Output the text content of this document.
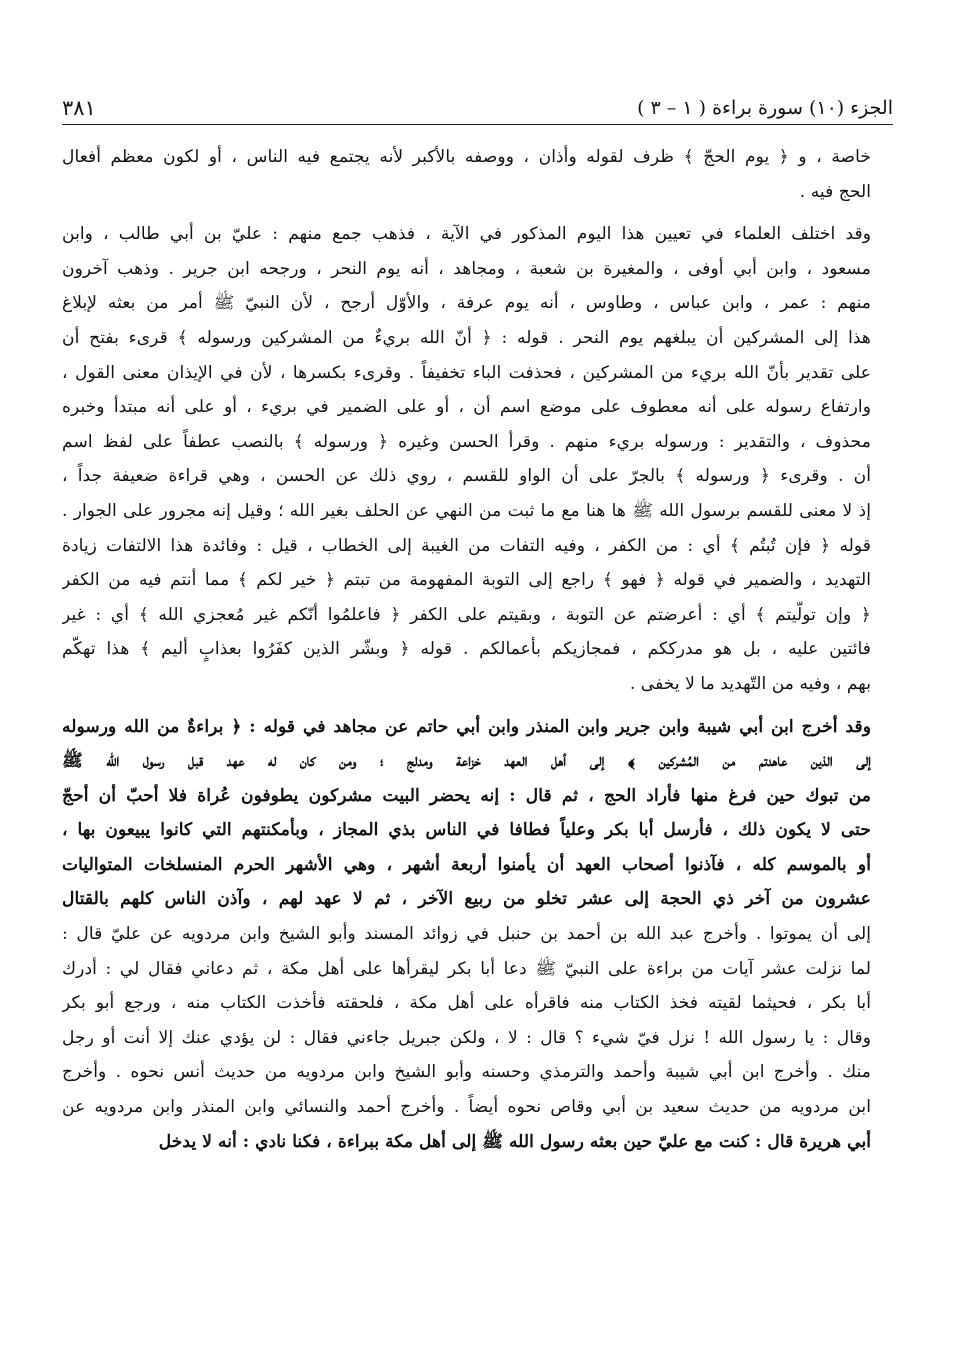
الجزء (١٠) سورة براءة ( ١ – ٣ )
٣٨١
خاصة ، و ﴿ يوم الحجّ ﴾ ظرف لقوله وأذان ، ووصفه بالأكبر لأنه يجتمع فيه الناس ، أو لكون معظم أفعال
الحج فيه .
وقد اختلف العلماء في تعيين هذا اليوم المذكور في الآية ، فذهب جمع منهم : عليّ بن أبي طالب ، وابن
مسعود ، وابن أبي أوفى ، والمغيرة بن شعبة ، ومجاهد ، أنه يوم النحر ، ورجحه ابن جرير . وذهب آخرون
منهم : عمر ، وابن عباس ، وطاوس ، أنه يوم عرفة ، والأوّل أرجح ، لأن النبيّ ﷺ أمر من بعثه لإبلاغ
هذا إلى المشركين أن يبلغهم يوم النحر . قوله : ﴿ أنّ الله بريءٌ من المشركين ورسوله ﴾ قرىء بفتح أن
على تقدير بأنّ الله بريء من المشركين ، فحذفت الباء تخفيفاً . وقرىء بكسرها ، لأن في الإيذان معنى القول ،
وارتفاع رسوله على أنه معطوف على موضع اسم أن ، أو على الضمير في بريء ، أو على أنه مبتدأ وخبره
محذوف ، والتقدير : ورسوله بريء منهم . وقرأ الحسن وغيره ﴿ ورسوله ﴾ بالنصب عطفاً على لفظ اسم
أن . وقرىء ﴿ ورسوله ﴾ بالجرّ على أن الواو للقسم ، روي ذلك عن الحسن ، وهي قراءة ضعيفة جداً ،
إذ لا معنى للقسم برسول الله ﷺ ها هنا مع ما ثبت من النهي عن الحلف بغير الله ؛ وقيل إنه مجرور على الجوار .
قوله ﴿ فإن تُبتُم ﴾ أي : من الكفر ، وفيه التفات من الغيبة إلى الخطاب ، قيل : وفائدة هذا الالتفات زيادة
التهديد ، والضمير في قوله ﴿ فهو ﴾ راجع إلى التوبة المفهومة من تبتم ﴿ خير لكم ﴾ مما أنتم فيه من الكفر
﴿ وإن تولّيتم ﴾ أي : أعرضتم عن التوبة ، وبقيتم على الكفر ﴿ فاعلمُوا أنّكم غير مُعجزي الله ﴾ أي : غير
فائتين عليه ، بل هو مدرككم ، فمجازيكم بأعمالكم . قوله ﴿ وبشّر الذين كفَرُوا بعذابٍ أليم ﴾ هذا تهكّم
بهم ، وفيه من التّهديد ما لا يخفى .
وقد أخرج ابن أبي شيبة وابن جرير وابن المنذر وابن أبي حاتم عن مجاهد في قوله : ﴿ براءةٌ من الله ورسوله
إلى الذين عاهدتم من المُشركين ﴾ إلى أهل العهد خزاعة ومدلج ؛ ومن كان له عهد قبل رسول الله ﷺ
من تبوك حين فرغ منها فأراد الحج ، ثم قال : إنه يحضر البيت مشركون يطوفون عُراة فلا أحبّ أن أحجّ
حتى لا يكون ذلك ، فأرسل أبا بكر وعلياً فطافا في الناس بذي المجاز ، وبأمكنتهم التي كانوا يبيعون بها ،
أو بالموسم كله ، فآذنوا أصحاب العهد أن يأمنوا أربعة أشهر ، وهي الأشهر الحرم المنسلخات المتواليات
عشرون من آخر ذي الحجة إلى عشر تخلو من ربيع الآخر ، ثم لا عهد لهم ، وآذن الناس كلهم بالقتال
إلى أن يموتوا . وأخرج عبد الله بن أحمد بن حنبل في زوائد المسند وأبو الشيخ وابن مردويه عن عليّ قال :
لما نزلت عشر آيات من براءة على النبيّ ﷺ دعا أبا بكر ليقرأها على أهل مكة ، ثم دعاني فقال لي : أدرك
أبا بكر ، فحيثما لقيته فخذ الكتاب منه فاقرأه على أهل مكة ، فلحقته فأخذت الكتاب منه ، ورجع أبو بكر
وقال : يا رسول الله ! نزل فيّ شيء ؟ قال : لا ، ولكن جبريل جاءني فقال : لن يؤدي عنك إلا أنت أو رجل
منك . وأخرج ابن أبي شيبة وأحمد والترمذي وحسنه وأبو الشيخ وابن مردويه من حديث أنس نحوه . وأخرج
ابن مردويه من حديث سعيد بن أبي وقاص نحوه أيضاً . وأخرج أحمد والنسائي وابن المنذر وابن مردويه عن
أبي هريرة قال : كنت مع عليّ حين بعثه رسول الله ﷺ إلى أهل مكة ببراءة ، فكنا نادي : أنه لا يدخل
